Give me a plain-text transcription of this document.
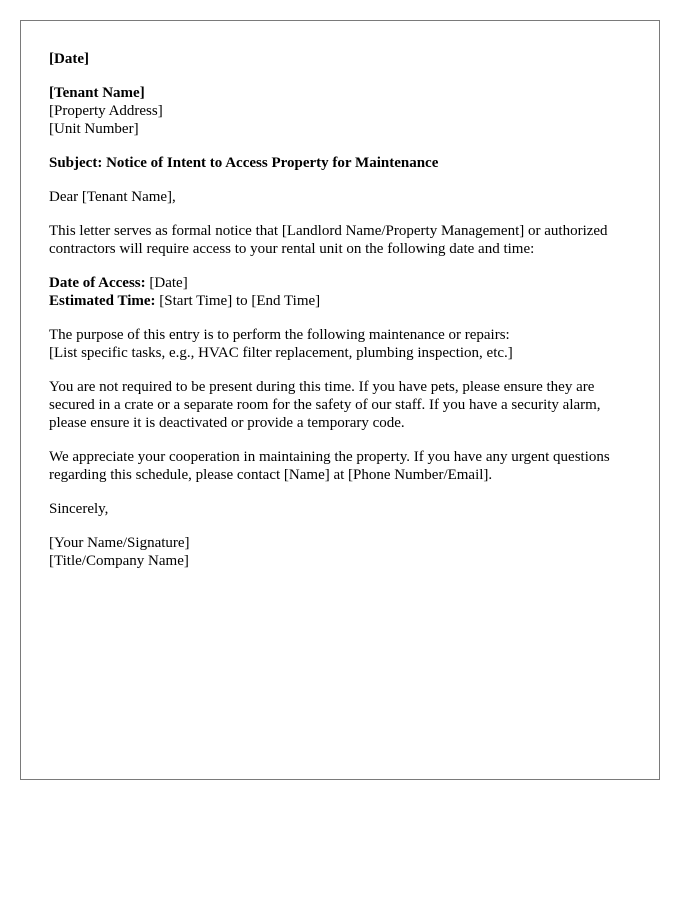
[Date]
[Tenant Name]
[Property Address]
[Unit Number]
Subject: Notice of Intent to Access Property for Maintenance
Dear [Tenant Name],
This letter serves as formal notice that [Landlord Name/Property Management] or authorized contractors will require access to your rental unit on the following date and time:
Date of Access: [Date]
Estimated Time: [Start Time] to [End Time]
The purpose of this entry is to perform the following maintenance or repairs:
[List specific tasks, e.g., HVAC filter replacement, plumbing inspection, etc.]
You are not required to be present during this time. If you have pets, please ensure they are secured in a crate or a separate room for the safety of our staff. If you have a security alarm, please ensure it is deactivated or provide a temporary code.
We appreciate your cooperation in maintaining the property. If you have any urgent questions regarding this schedule, please contact [Name] at [Phone Number/Email].
Sincerely,
[Your Name/Signature]
[Title/Company Name]
